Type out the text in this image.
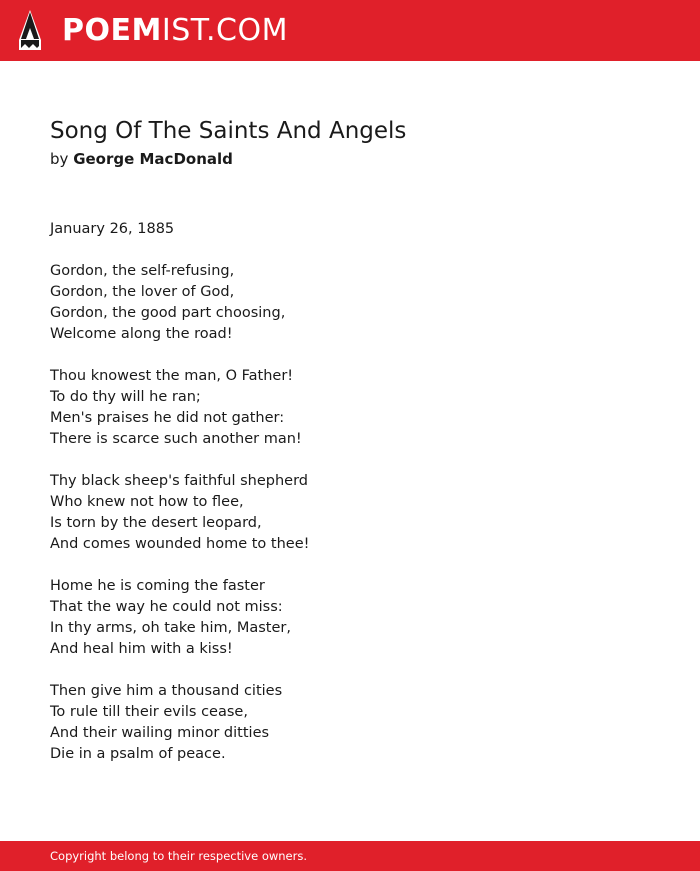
POEMIST.COM
Song Of The Saints And Angels
by George MacDonald
January 26, 1885
Gordon, the self-refusing,
Gordon, the lover of God,
Gordon, the good part choosing,
Welcome along the road!
Thou knowest the man, O Father!
To do thy will he ran;
Men's praises he did not gather:
There is scarce such another man!
Thy black sheep's faithful shepherd
Who knew not how to flee,
Is torn by the desert leopard,
And comes wounded home to thee!
Home he is coming the faster
That the way he could not miss:
In thy arms, oh take him, Master,
And heal him with a kiss!
Then give him a thousand cities
To rule till their evils cease,
And their wailing minor ditties
Die in a psalm of peace.
Copyright belong to their respective owners.
